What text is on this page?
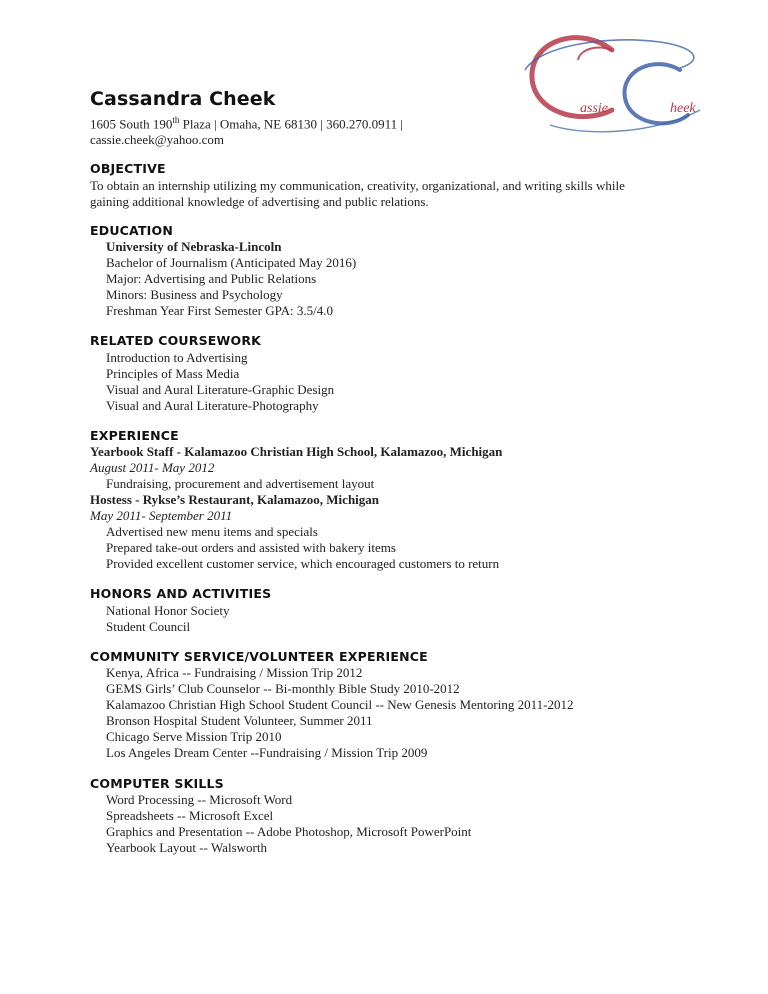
assie	heek
Cassandra Cheek
1605 South 190th Plaza | Omaha, NE 68130 | 360.270.0911 |
cassie.cheek@yahoo.com
OBJECTIVE
To obtain an internship utilizing my communication, creativity, organizational, and writing skills while
gaining additional knowledge of advertising and public relations.
EDUCATION
University of Nebraska-Lincoln
Bachelor of Journalism (Anticipated May 2016)
Major: Advertising and Public Relations
Minors: Business and Psychology
Freshman Year First Semester GPA: 3.5/4.0
RELATED COURSEWORK
Introduction to Advertising
Principles of Mass Media
Visual and Aural Literature-Graphic Design
Visual and Aural Literature-Photography
EXPERIENCE
Yearbook Staff - Kalamazoo Christian High School, Kalamazoo, Michigan
August 2011- May 2012
Fundraising, procurement and advertisement layout
Hostess - Rykse’s Restaurant, Kalamazoo, Michigan
May 2011- September 2011
Advertised new menu items and specials
Prepared take-out orders and assisted with bakery items
Provided excellent customer service, which encouraged customers to return
HONORS AND ACTIVITIES
National Honor Society
Student Council
COMMUNITY SERVICE/VOLUNTEER EXPERIENCE
Kenya, Africa -- Fundraising / Mission Trip 2012
GEMS Girls’ Club Counselor -- Bi-monthly Bible Study 2010-2012
Kalamazoo Christian High School Student Council -- New Genesis Mentoring 2011-2012
Bronson Hospital Student Volunteer, Summer 2011
Chicago Serve Mission Trip 2010
Los Angeles Dream Center --Fundraising / Mission Trip 2009
COMPUTER SKILLS
Word Processing -- Microsoft Word
Spreadsheets -- Microsoft Excel
Graphics and Presentation -- Adobe Photoshop, Microsoft PowerPoint
Yearbook Layout -- Walsworth
